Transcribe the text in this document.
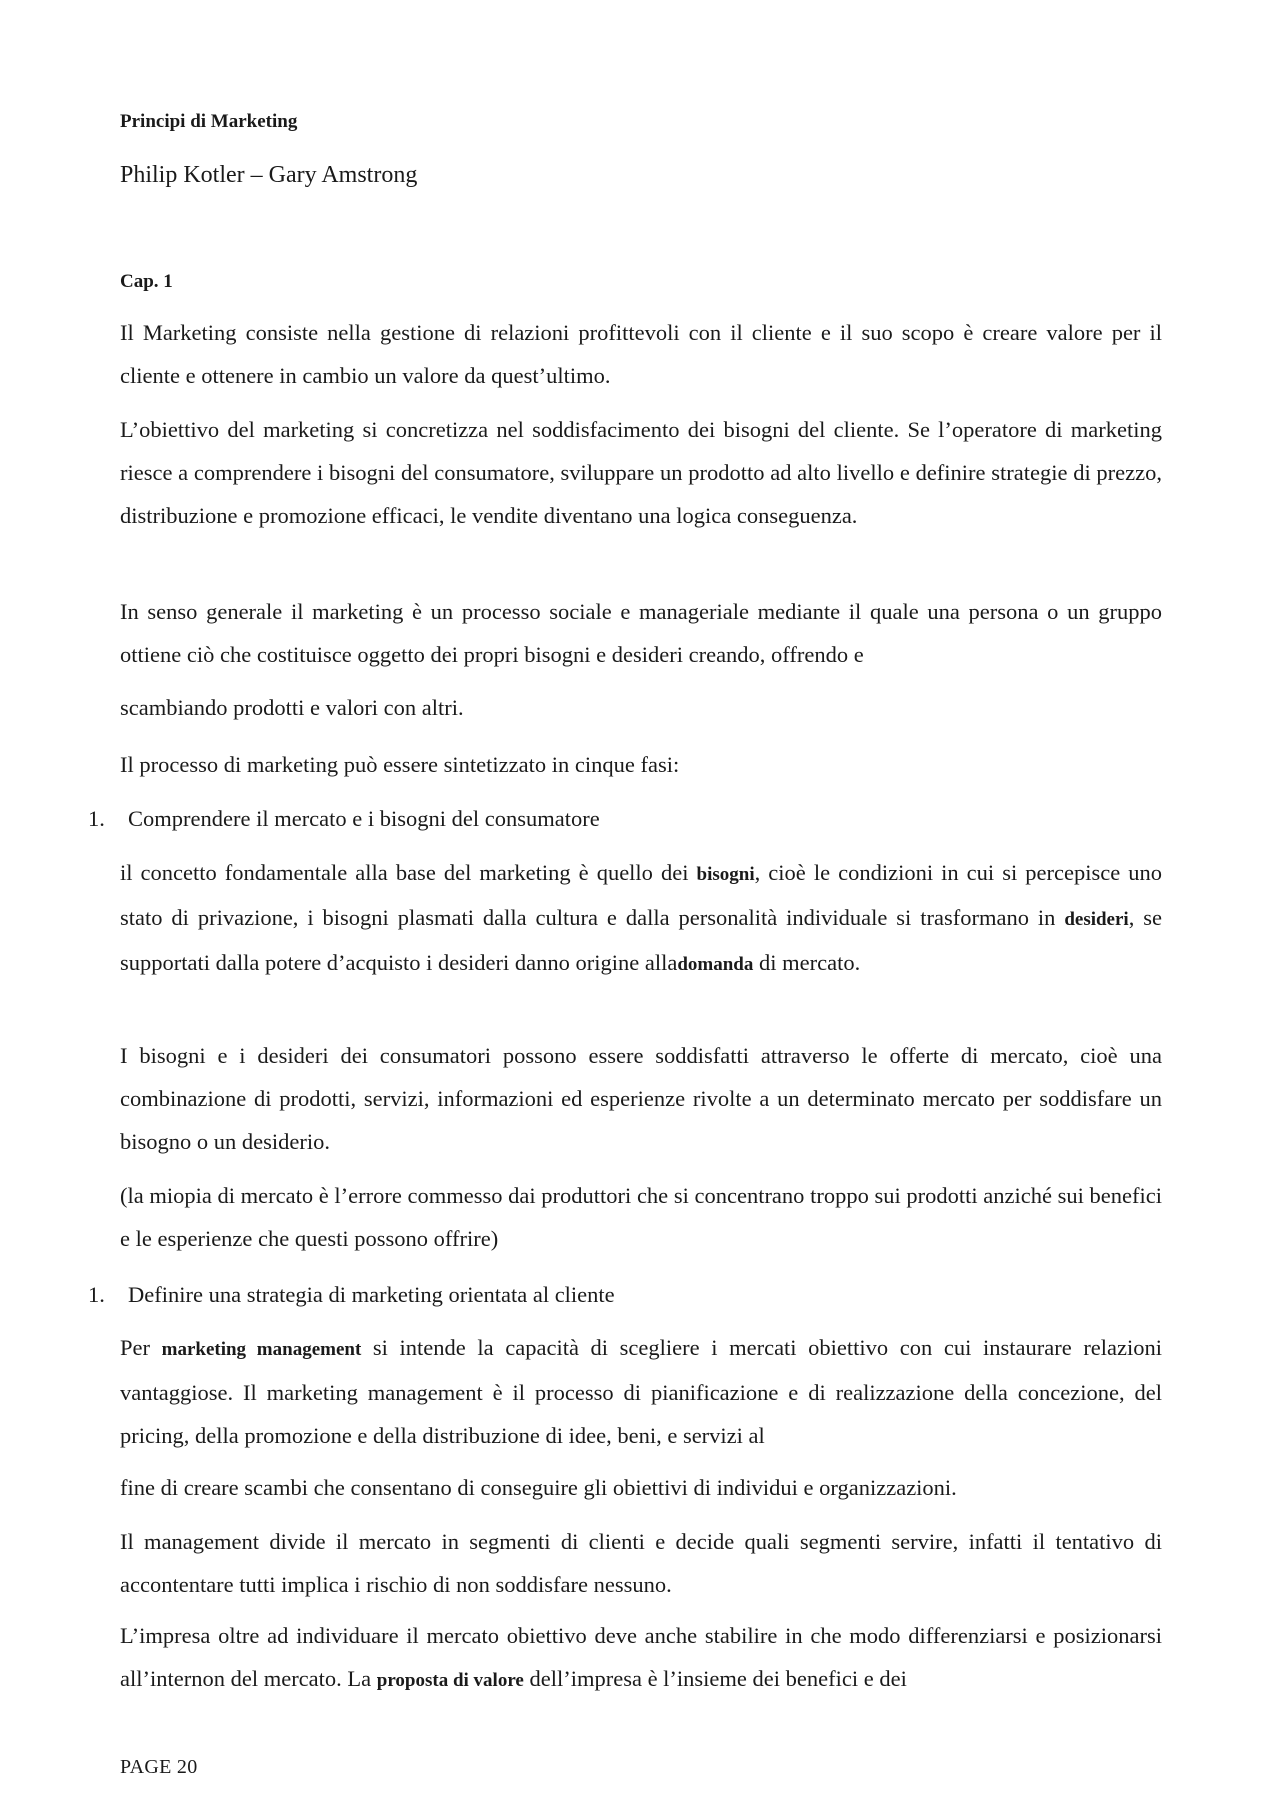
Principi di Marketing

Philip Kotler – Gary Amstrong

Cap. 1

Il Marketing consiste nella gestione di relazioni profittevoli con il cliente e il suo scopo è creare valore per il cliente e ottenere in cambio un valore da quest’ultimo.

L’obiettivo del marketing si concretizza nel soddisfacimento dei bisogni del cliente. Se l’operatore di marketing riesce a comprendere i bisogni del consumatore, sviluppare un prodotto ad alto livello e definire strategie di prezzo, distribuzione e promozione efficaci, le vendite diventano una logica conseguenza.

In senso generale il marketing è un processo sociale e manageriale mediante il quale una persona o un gruppo ottiene ciò che costituisce oggetto dei propri bisogni e desideri creando, offrendo e

scambiando prodotti e valori con altri.

Il processo di marketing può essere sintetizzato in cinque fasi:

1. Comprendere il mercato e i bisogni del consumatore

il concetto fondamentale alla base del marketing è quello dei bisogni, cioè le condizioni in cui si percepisce uno stato di privazione, i bisogni plasmati dalla cultura e dalla personalità individuale si trasformano in desideri, se supportati dalla potere d’acquisto i desideri danno origine alladomanda di mercato.

I bisogni e i desideri dei consumatori possono essere soddisfatti attraverso le offerte di mercato, cioè una combinazione di prodotti, servizi, informazioni ed esperienze rivolte a un determinato mercato per soddisfare un bisogno o un desiderio.

(la miopia di mercato è l’errore commesso dai produttori che si concentrano troppo sui prodotti anziché sui benefici e le esperienze che questi possono offrire)

1. Definire una strategia di marketing orientata al cliente

Per marketing management si intende la capacità di scegliere i mercati obiettivo con cui instaurare relazioni vantaggiose. Il marketing management è il processo di pianificazione e di realizzazione della concezione, del pricing, della promozione e della distribuzione di idee, beni, e servizi al

fine di creare scambi che consentano di conseguire gli obiettivi di individui e organizzazioni.

Il management divide il mercato in segmenti di clienti e decide quali segmenti servire, infatti il tentativo di accontentare tutti implica i rischio di non soddisfare nessuno.

L’impresa oltre ad individuare il mercato obiettivo deve anche stabilire in che modo differenziarsi e posizionarsi all’internon del mercato. La proposta di valore dell’impresa è l’insieme dei benefici e dei

PAGE 20
